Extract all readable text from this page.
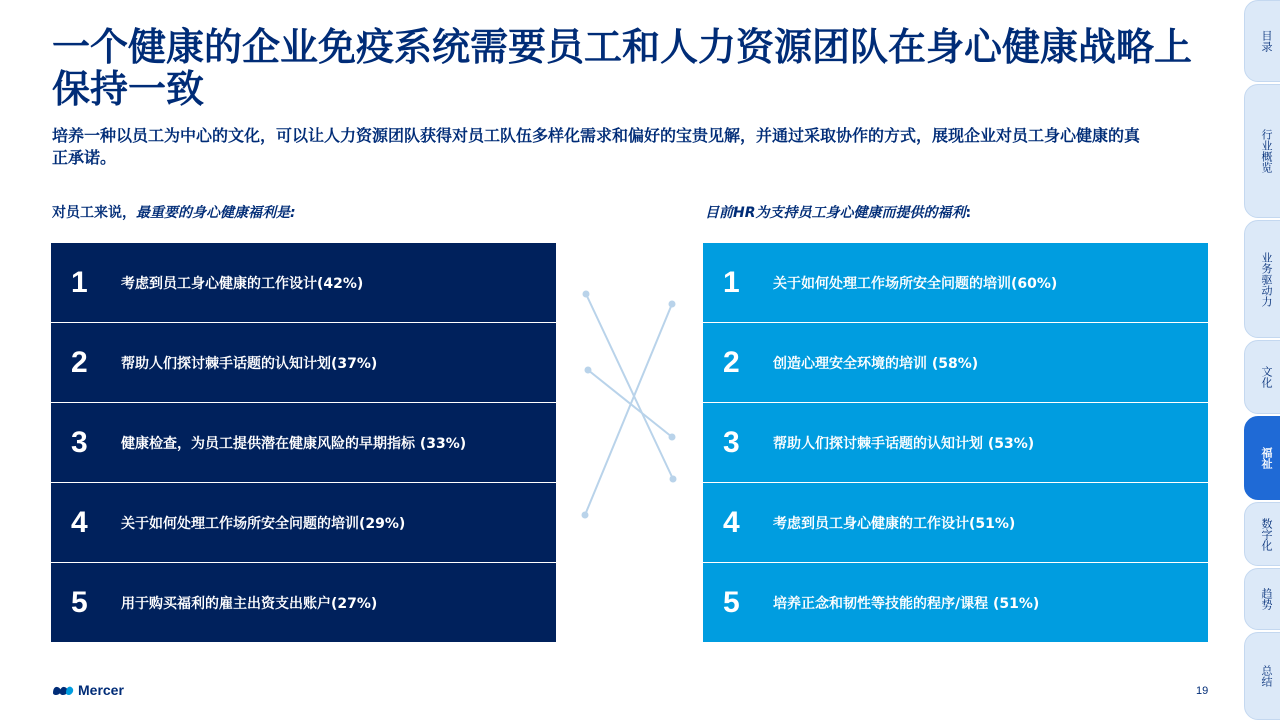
一个健康的企业免疫系统需要员工和人力资源团队在身心健康战略上保持一致
培养一种以员工为中心的文化，可以让人力资源团队获得对员工队伍多样化需求和偏好的宝贵见解，并通过采取协作的方式，展现企业对员工身心健康的真正承诺。
对员工来说，最重要的身心健康福利是:	目前HR为支持员工身心健康而提供的福利:
1	考虑到员工身心健康的工作设计(42%)
2	帮助人们探讨棘手话题的认知计划(37%)
3	健康检查，为员工提供潜在健康风险的早期指标 (33%)
4	关于如何处理工作场所安全问题的培训(29%)
5	用于购买福利的雇主出资支出账户(27%)
1	关于如何处理工作场所安全问题的培训(60%)
2	创造心理安全环境的培训 (58%)
3	帮助人们探讨棘手话题的认知计划 (53%)
4	考虑到员工身心健康的工作设计(51%)
5	培养正念和韧性等技能的程序/课程 (51%)
Mercer	19
目录
行业概览
业务驱动力
文化
福祉
数字化
趋势
总结
